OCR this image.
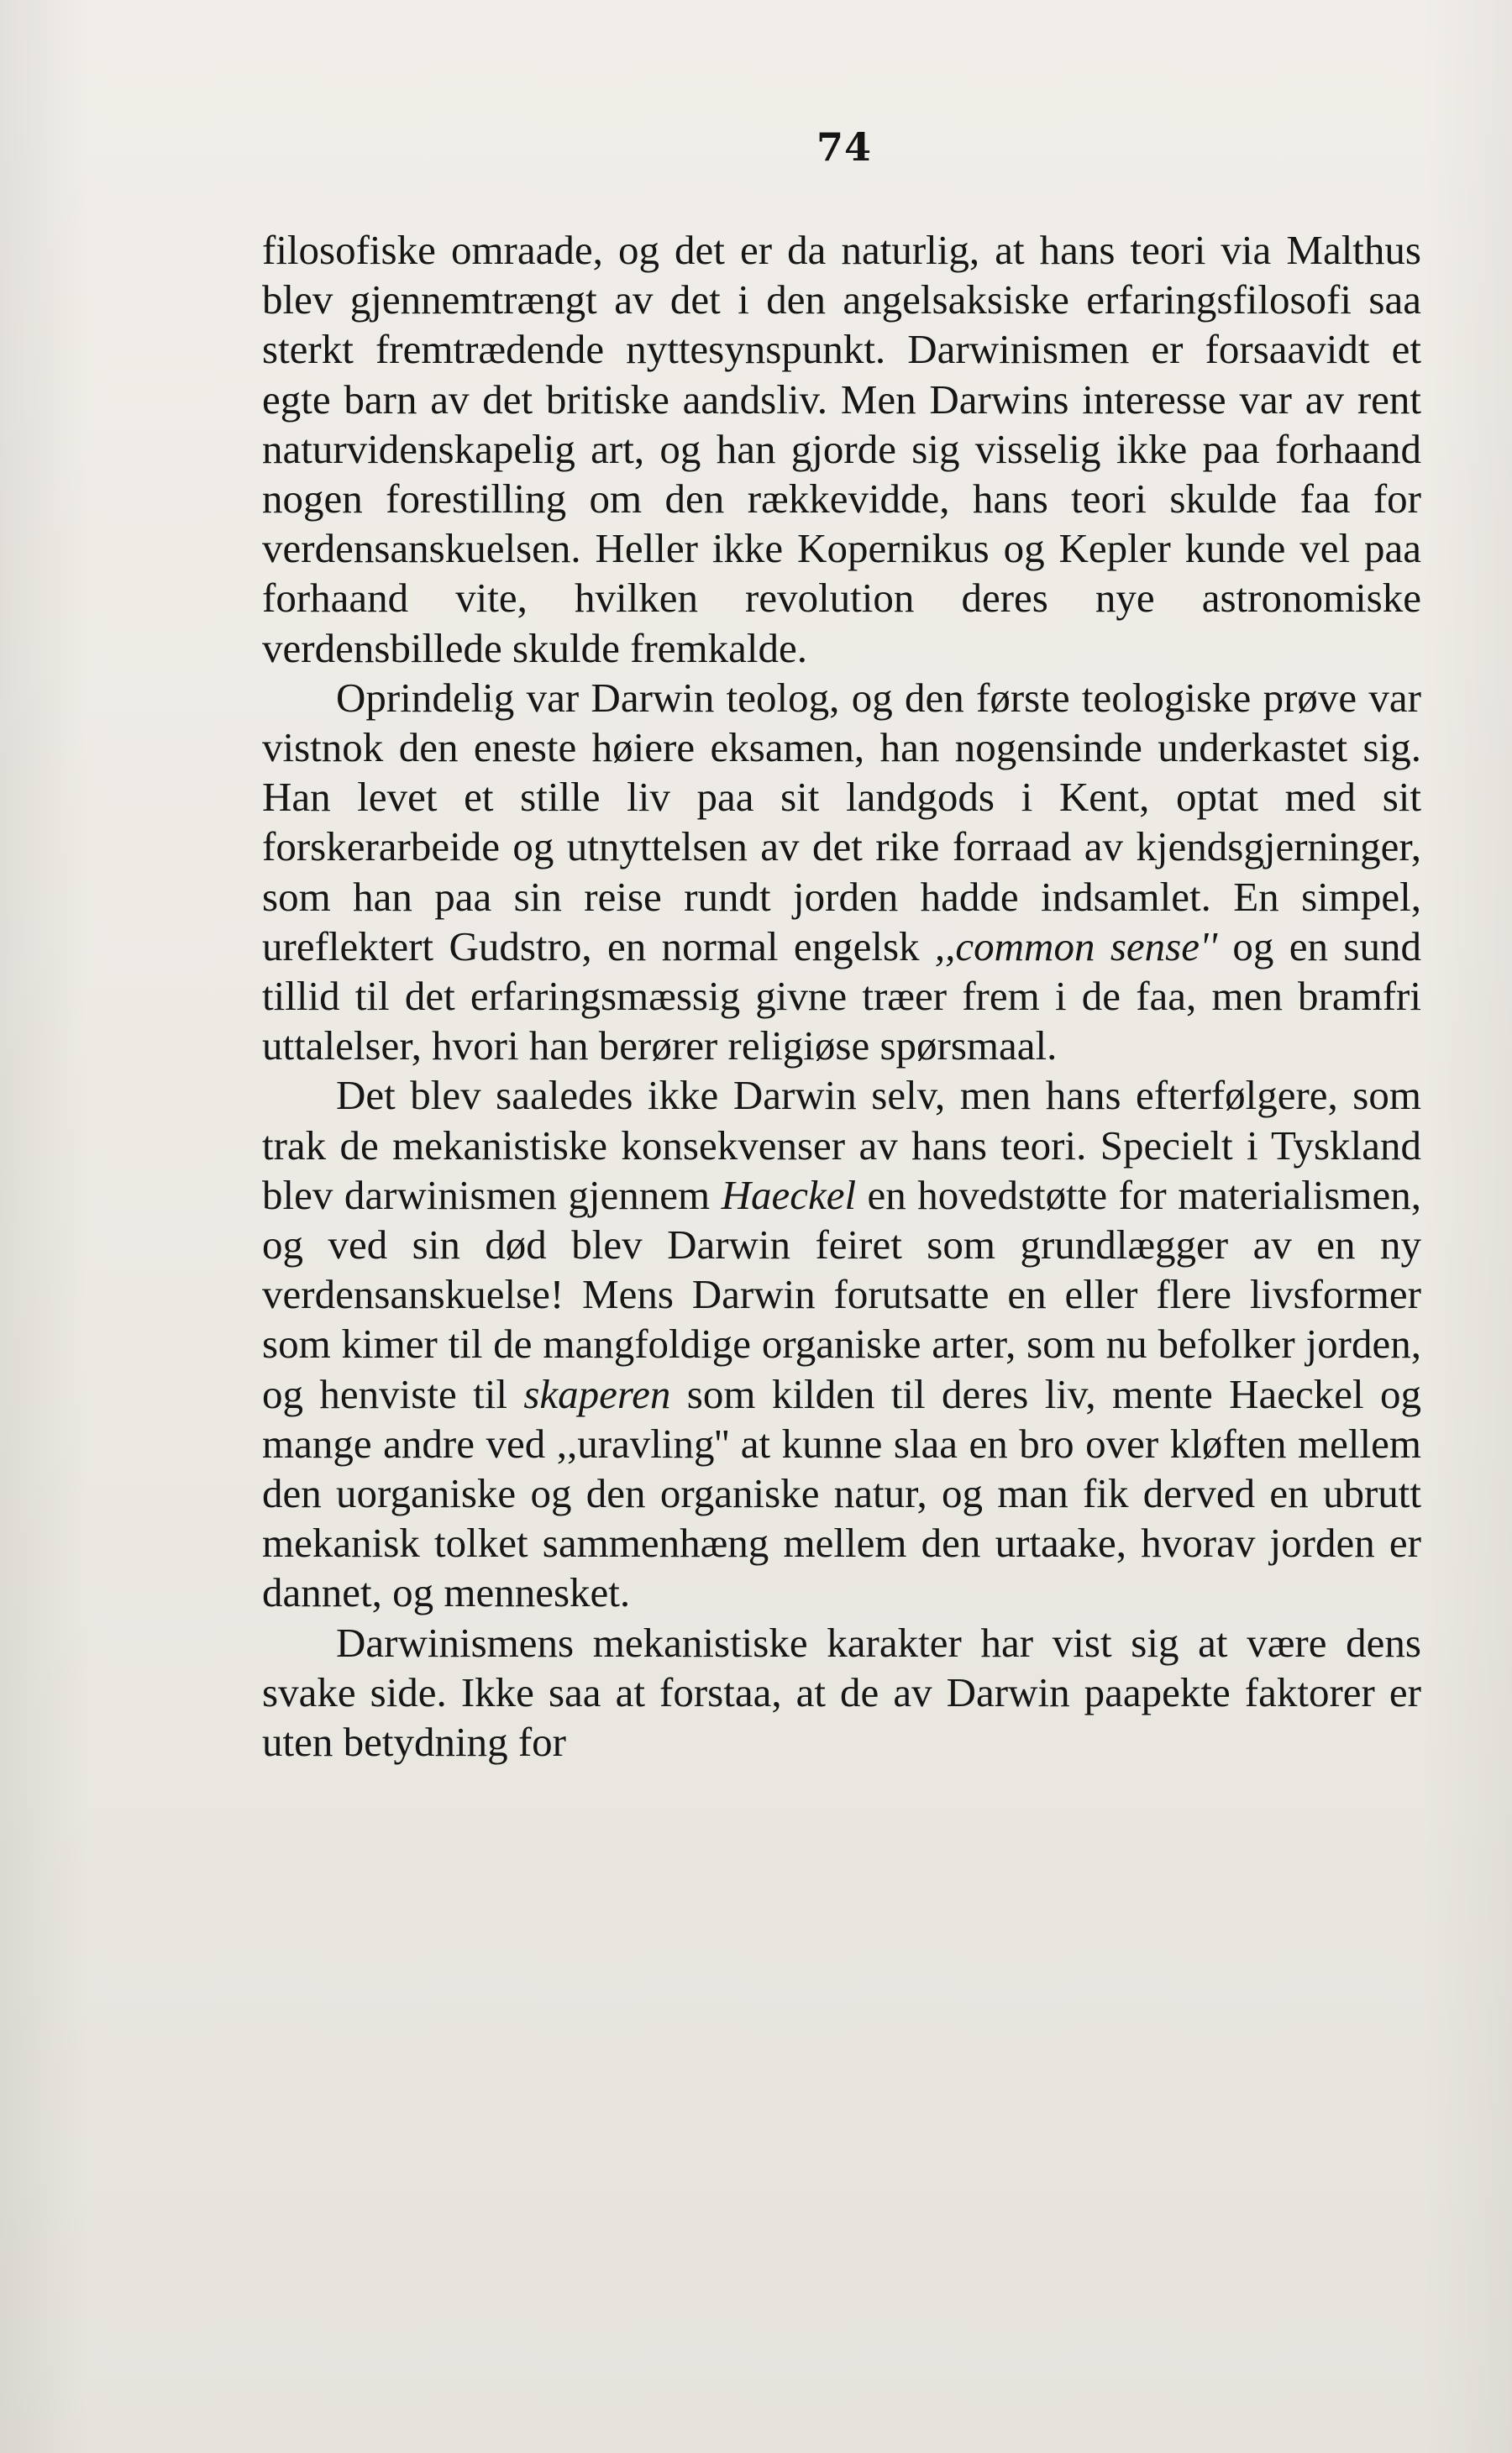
74

filosofiske omraade, og det er da naturlig, at hans teori via Malthus blev gjennemtrængt av det i den angelsaksiske erfaringsfilosofi saa sterkt fremtrædende nyttesynspunkt. Darwinismen er forsaavidt et egte barn av det britiske aandsliv. Men Darwins interesse var av rent naturvidenskapelig art, og han gjorde sig visselig ikke paa forhaand nogen forestilling om den rækkevidde, hans teori skulde faa for verdensanskuelsen. Heller ikke Kopernikus og Kepler kunde vel paa forhaand vite, hvilken revolution deres nye astronomiske verdensbillede skulde fremkalde.

Oprindelig var Darwin teolog, og den første teologiske prøve var vistnok den eneste høiere eksamen, han nogensinde underkastet sig. Han levet et stille liv paa sit landgods i Kent, optat med sit forskerarbeide og utnyttelsen av det rike forraad av kjendsgjerninger, som han paa sin reise rundt jorden hadde indsamlet. En simpel, ureflektert Gudstro, en normal engelsk ,,common sense'' og en sund tillid til det erfaringsmæssig givne træer frem i de faa, men bramfri uttalelser, hvori han berører religiøse spørsmaal.

Det blev saaledes ikke Darwin selv, men hans efterfølgere, som trak de mekanistiske konsekvenser av hans teori. Specielt i Tyskland blev darwinismen gjennem Haeckel en hovedstøtte for materialismen, og ved sin død blev Darwin feiret som grundlægger av en ny verdensanskuelse! Mens Darwin forutsatte en eller flere livsformer som kimer til de mangfoldige organiske arter, som nu befolker jorden, og henviste til skaperen som kilden til deres liv, mente Haeckel og mange andre ved ,,uravling'' at kunne slaa en bro over kløften mellem den uorganiske og den organiske natur, og man fik derved en ubrutt mekanisk tolket sammenhæng mellem den urtaake, hvorav jorden er dannet, og mennesket.

Darwinismens mekanistiske karakter har vist sig at være dens svake side. Ikke saa at forstaa, at de av Darwin paapekte faktorer er uten betydning for
